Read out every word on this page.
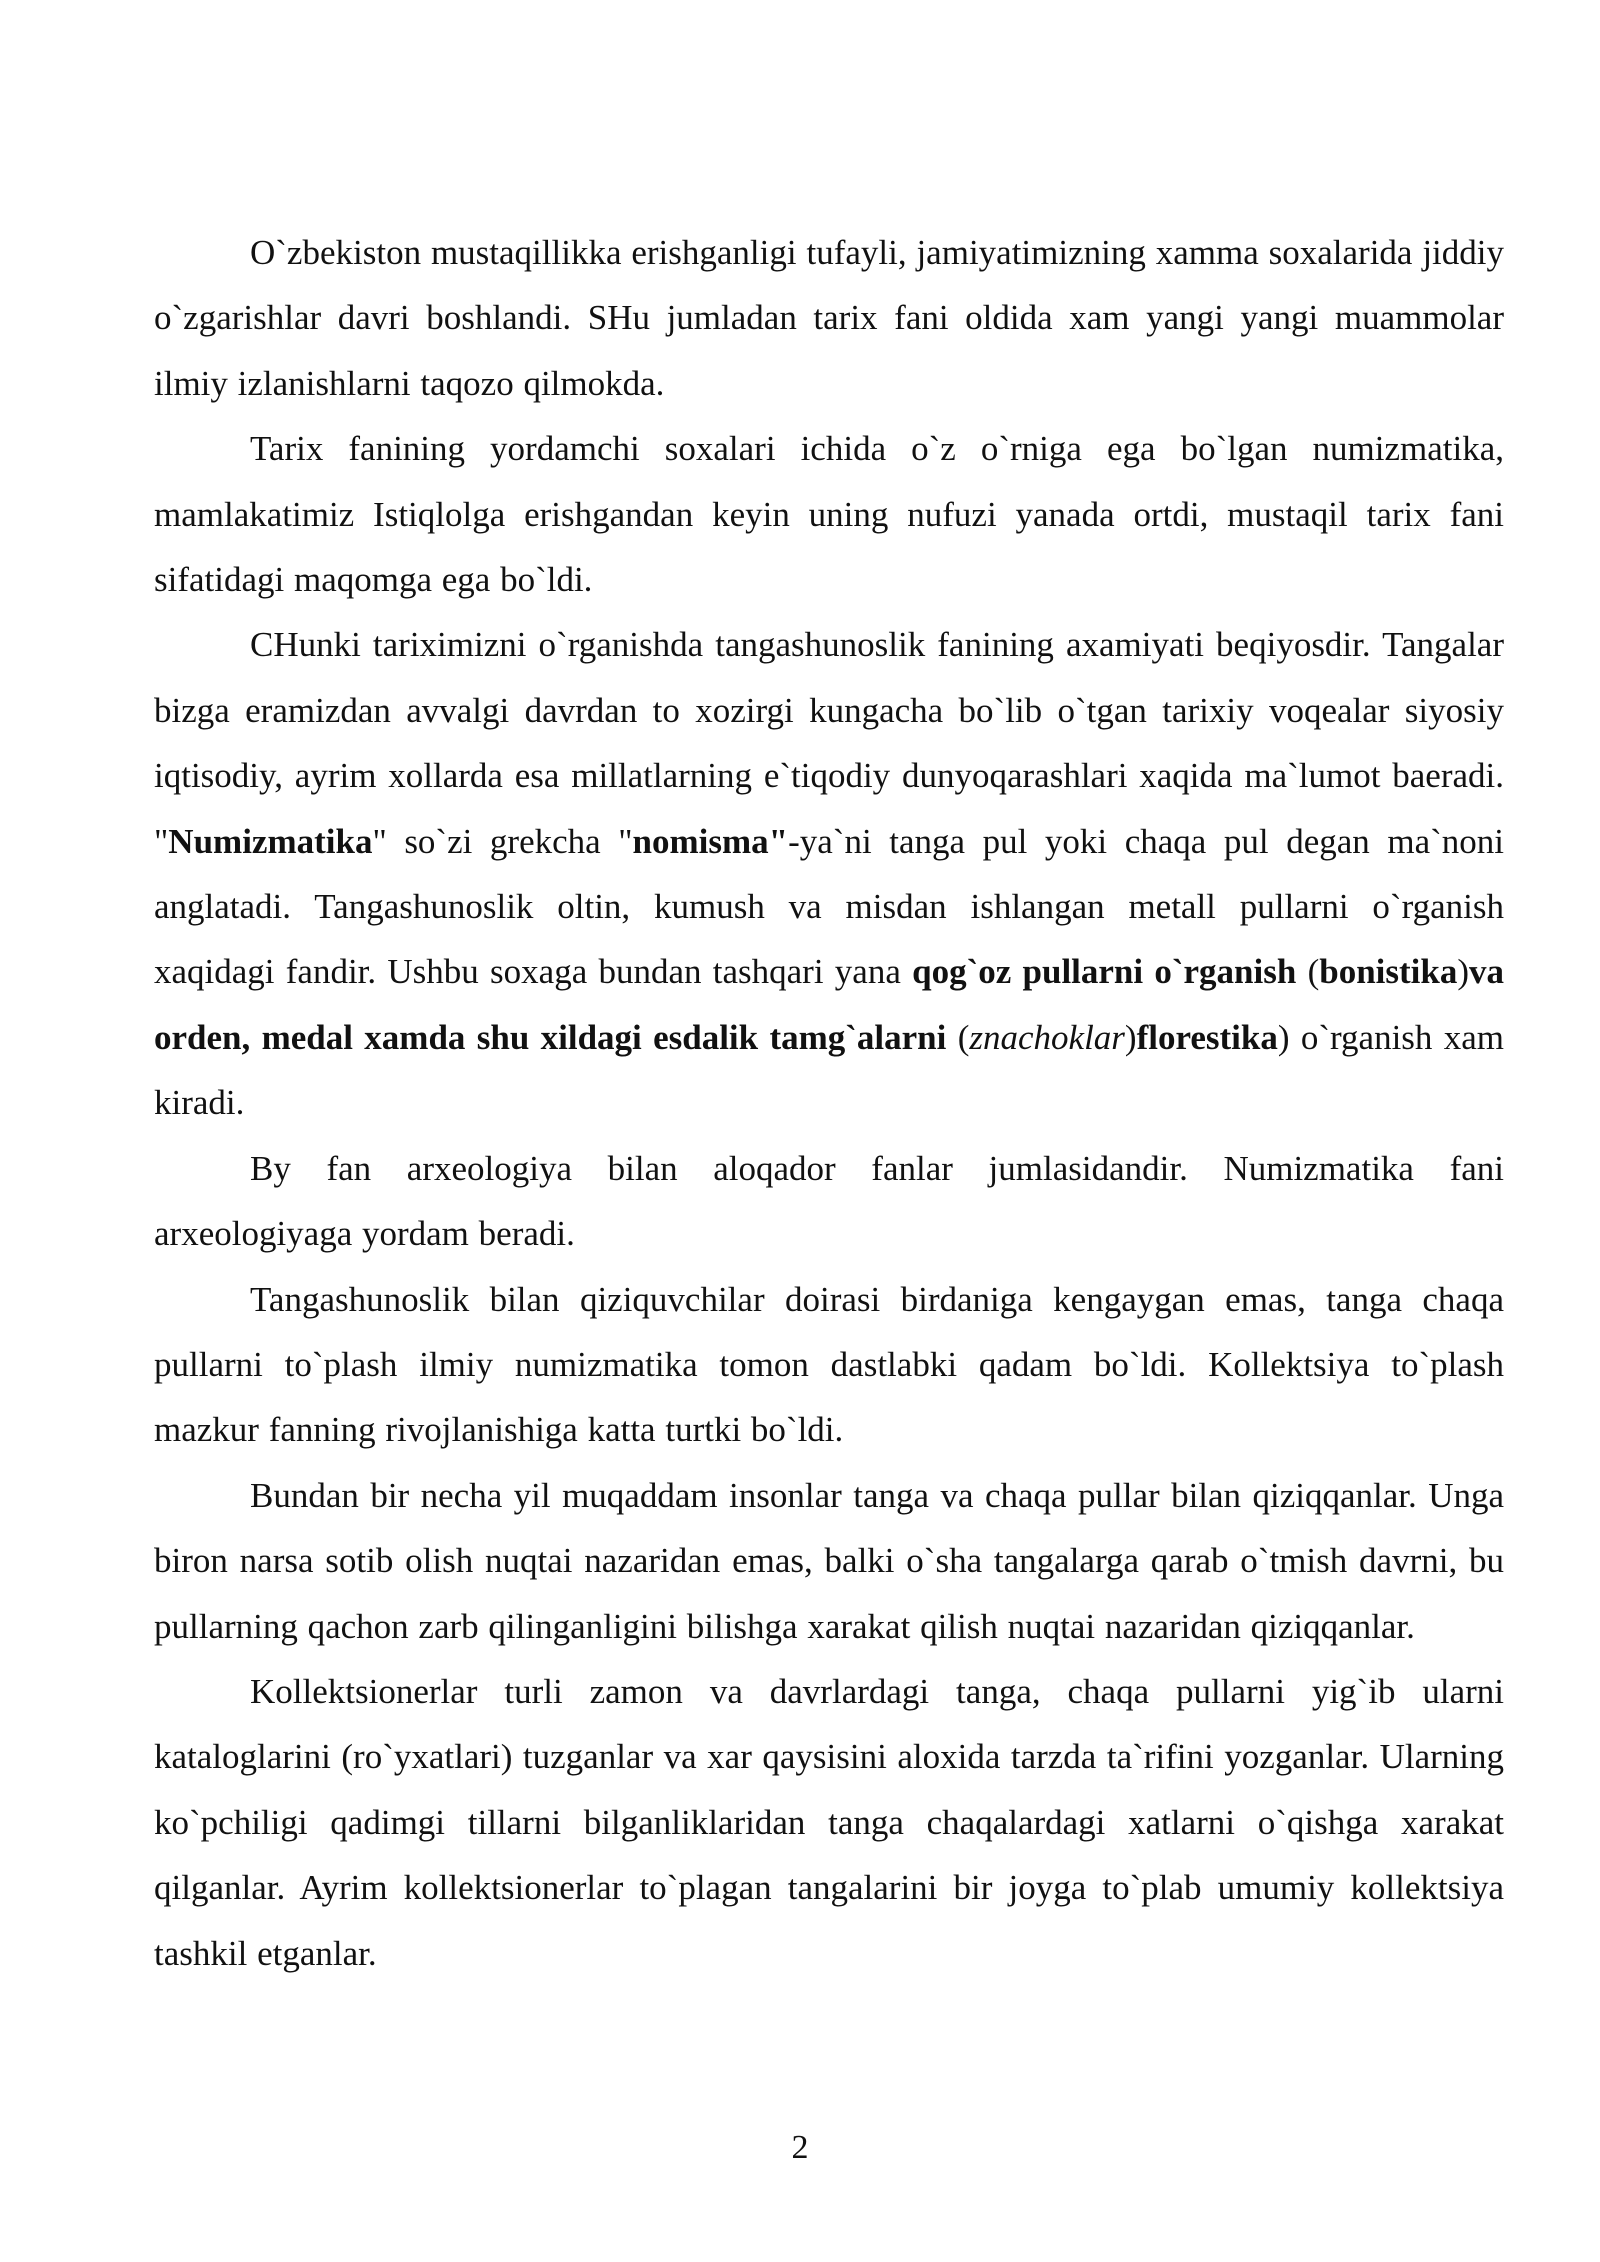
O`zbekiston mustaqillikka erishganligi tufayli, jamiyatimizning xamma soxalarida jiddiy o`zgarishlar davri boshlandi. SHu jumladan tarix fani oldida xam yangi yangi muammolar ilmiy izlanishlarni taqozo qilmokda.

Tarix fanining yordamchi soxalari ichida o`z o`rniga ega bo`lgan numizmatika, mamlakatimiz Istiqlolga erishgandan keyin uning nufuzi yanada ortdi, mustaqil tarix fani sifatidagi maqomga ega bo`ldi.

CHunki tariximizni o`rganishda tangashunoslik fanining axamiyati beqiyosdir. Tangalar bizga eramizdan avvalgi davrdan to xozirgi kungacha bo`lib o`tgan tarixiy voqealar siyosiy iqtisodiy, ayrim xollarda esa millatlarning e`tiqodiy dunyoqarashlari xaqida ma`lumot baeradi. "Numizmatika" so`zi grekcha "nomisma"-ya`ni tanga pul yoki chaqa pul degan ma`noni anglatadi. Tangashunoslik oltin, kumush va misdan ishlangan metall pullarni o`rganish xaqidagi fandir. Ushbu soxaga bundan tashqari yana qog`oz pullarni o`rganish (bonistika)va orden, medal xamda shu xildagi esdalik tamg`alarni (znachoklar)florestika) o`rganish xam kiradi.

By fan arxeologiya bilan aloqador fanlar jumlasidandir. Numizmatika fani arxeologiyaga yordam beradi.

Tangashunoslik bilan qiziquvchilar doirasi birdaniga kengaygan emas, tanga chaqa pullarni to`plash ilmiy numizmatika tomon dastlabki qadam bo`ldi. Kollektsiya to`plash mazkur fanning rivojlanishiga katta turtki bo`ldi.

Bundan bir necha yil muqaddam insonlar tanga va chaqa pullar bilan qiziqqanlar. Unga biron narsa sotib olish nuqtai nazaridan emas, balki o`sha tangalarga qarab o`tmish davrni, bu pullarning qachon zarb qilinganligini bilishga xarakat qilish nuqtai nazaridan qiziqqanlar.

Kollektsionerlar turli zamon va davrlardagi tanga, chaqa pullarni yig`ib ularni kataloglarini (ro`yxatlari) tuzganlar va xar qaysisini aloxida tarzda ta`rifini yozganlar. Ularning ko`pchiligi qadimgi tillarni bilganliklaridan tanga chaqalardagi xatlarni o`qishga xarakat qilganlar. Ayrim kollektsionerlar to`plagan tangalarini bir joyga to`plab umumiy kollektsiya tashkil etganlar.

2
